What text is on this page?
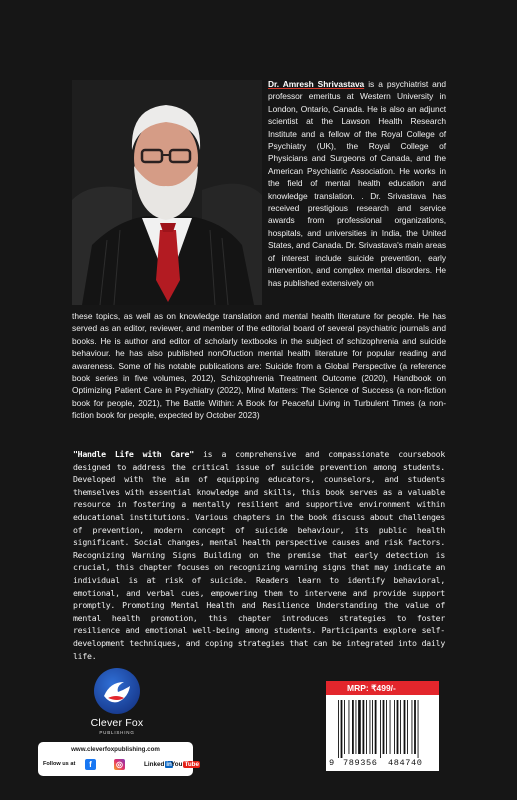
Dr. Amresh Shrivastava is a psychiatrist and professor emeritus at Western University in London, Ontario, Canada. He is also an adjunct scientist at the Lawson Health Research Institute and a fellow of the Royal College of Psychiatry (UK), the Royal College of Physicians and Surgeons of Canada, and the American Psychiatric Association. He works in the field of mental health education and knowledge translation. . Dr. Srivastava has received prestigious research and service awards from professional organizations, hospitals, and universities in India, the United States, and Canada. Dr. Srivastava's main areas of interest include suicide prevention, early intervention, and complex mental disorders. He has published extensively on
these topics, as well as on knowledge translation and mental health literature for people. He has served as an editor, reviewer, and member of the editorial board of several psychiatric journals and books. He is author and editor of scholarly textbooks in the subject of schizophrenia and suicide behaviour. he has also published nonOfuction mental health literature for popular reading and awareness. Some of his notable publications are: Suicide from a Global Perspective (a reference book series in five volumes, 2012), Schizophrenia Treatment Outcome (2020), Handbook on Optimizing Patient Care in Psychiatry (2022), Mind Matters: The Science of Success (a non-fiction book for people, 2021), The Battle Within: A Book for Peaceful Living in Turbulent Times (a non-fiction book for people, expected by October 2023)
"Handle Life with Care" is a comprehensive and compassionate coursebook designed to address the critical issue of suicide prevention among students. Developed with the aim of equipping educators, counselors, and students themselves with essential knowledge and skills, this book serves as a valuable resource in fostering a mentally resilient and supportive environment within educational institutions. Various chapters in the book discuss about challenges of prevention, modern concept of suicide behaviour, its public health significant. Social changes, mental health perspective causes and risk factors. Recognizing Warning Signs Building on the premise that early detection is crucial, this chapter focuses on recognizing warning signs that may indicate an individual is at risk of suicide. Readers learn to identify behavioral, emotional, and verbal cues, empowering them to intervene and provide support promptly. Promoting Mental Health and Resilience Understanding the value of mental health promotion, this chapter introduces strategies to foster resilience and emotional well-being among students. Participants explore self-development techniques, and coping strategies that can be integrated into daily life.
Clever Fox
PUBLISHING
www.cleverfoxpublishing.com
Follow us at	f	◎	Linked in You Tube
MRP: ₹499/-
9 789356 484740
